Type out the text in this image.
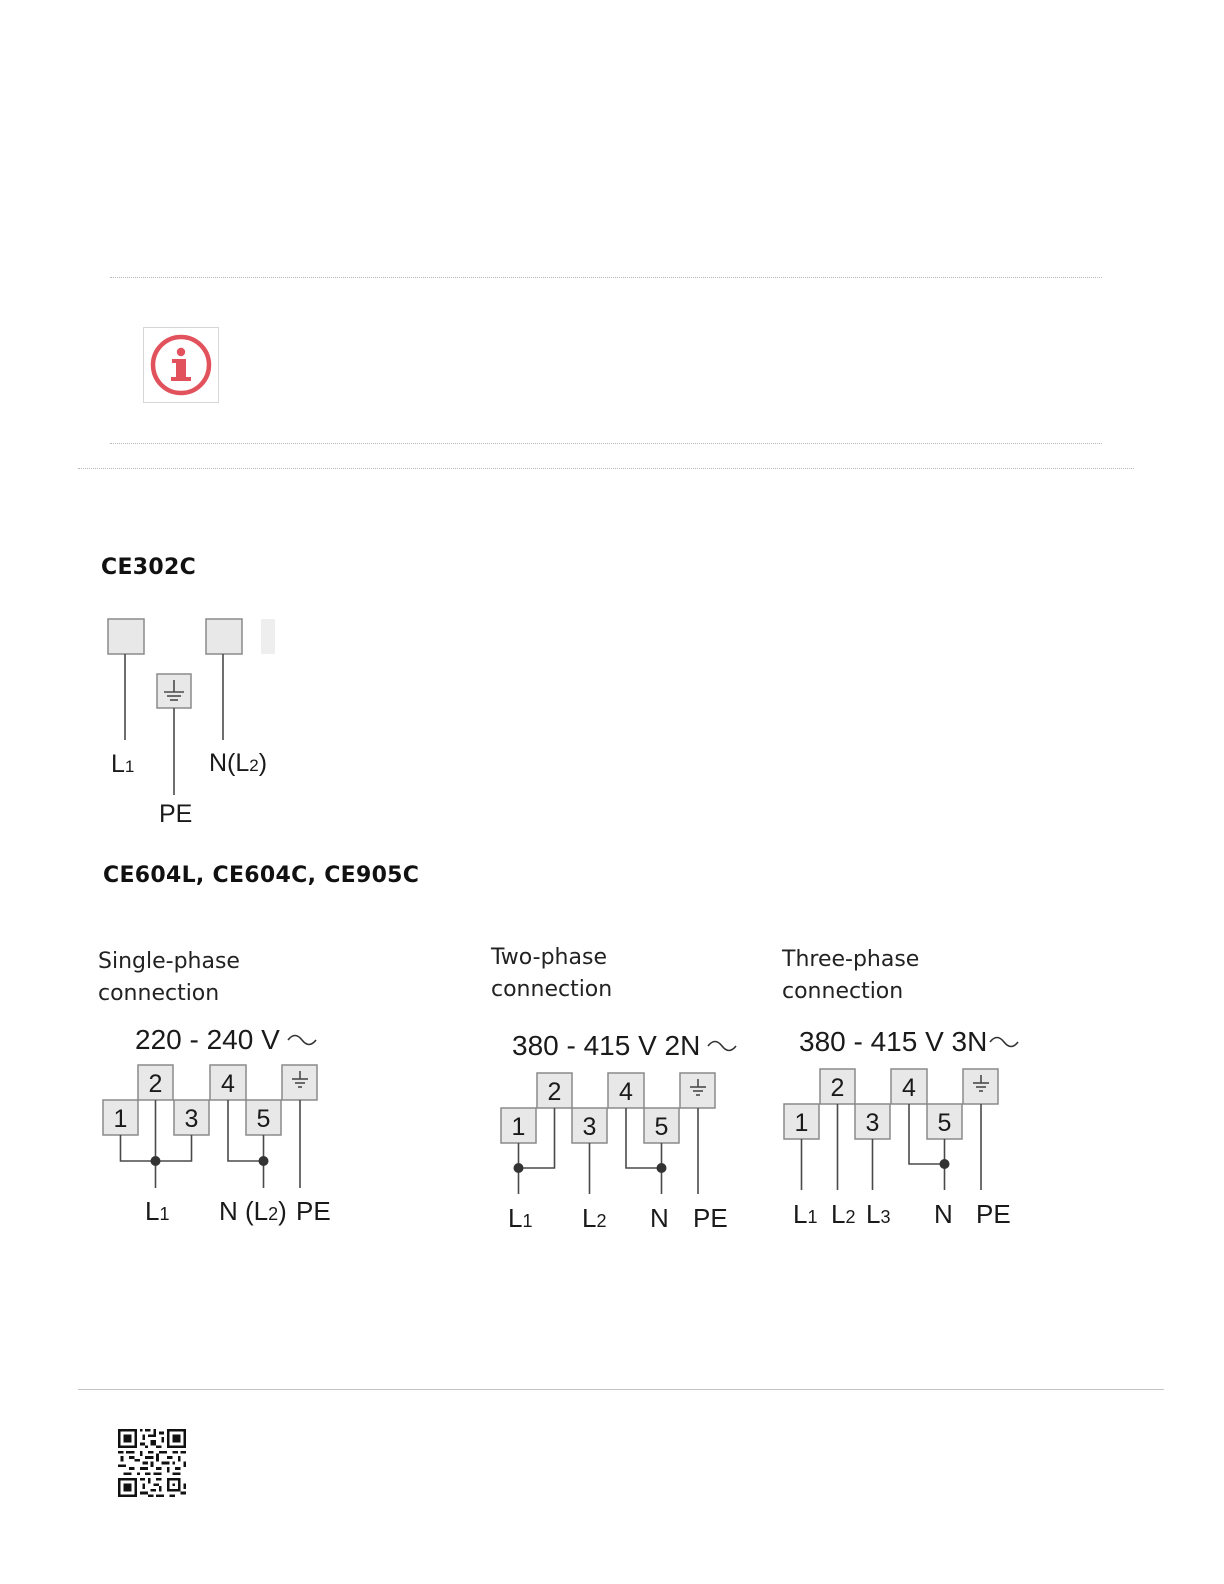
CE302C
L1	N(L2)
PE
CE604L, CE604C, CE905C
Single-phase
connection
Two-phase
connection
Three-phase
connection
220 - 240 V
1
2
3
4
5
L1 N (L2) PE
380 - 415 V 2N
1
2
3
4
5
L1 L2 N PE
380 - 415 V 3N
1
2
3
4
5
L1 L2 L3 N PE
